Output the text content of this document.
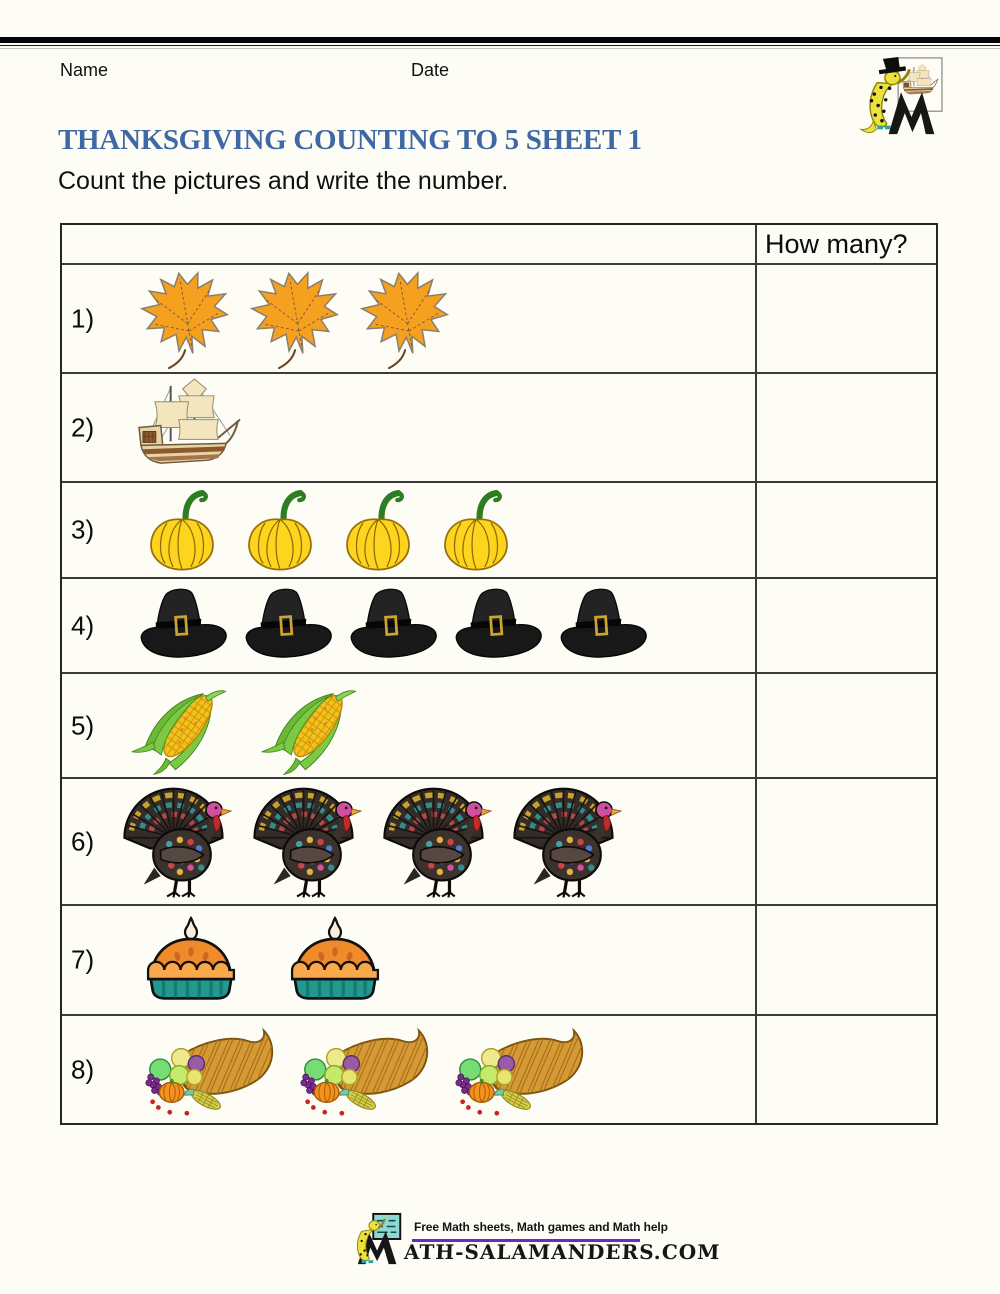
Name	Date
THANKSGIVING COUNTING TO 5 SHEET 1

Count the pictures and write the number.

How many?
1)
2)
3)
4)
5)
6)
7)
8)
Free Math sheets, Math games and Math help
ATH-SALAMANDERS.COM
